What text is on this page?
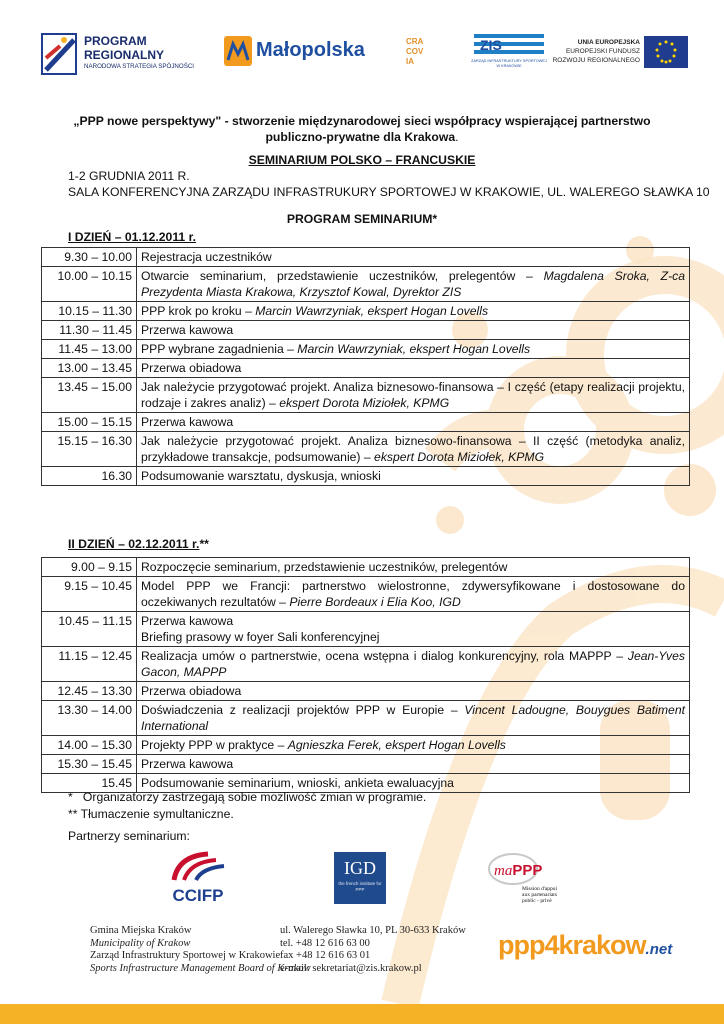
PROGRAM
REGIONALNY
NARODOWA STRATEGIA SPÓJNOŚCI
Małopolska	CRA
COV
IA
ZIS
ZARZĄD INFRASTRUKTURY SPORTOWEJ W KRAKOWIE
UNIA EUROPEJSKA
EUROPEJSKI FUNDUSZ
ROZWOJU REGIONALNEGO
„PPP nowe perspektywy" - stworzenie międzynarodowej sieci współpracy wspierającej partnerstwo
publiczno-prywatne dla Krakowa.
SEMINARIUM POLSKO – FRANCUSKIE
1-2 GRUDNIA 2011 R.
SALA KONFERENCYJNA ZARZĄDU INFRASTRUKURY SPORTOWEJ W KRAKOWIE, UL. WALEREGO SŁAWKA 10
PROGRAM SEMINARIUM*
I DZIEŃ – 01.12.2011 r.
9.30 – 10.00	Rejestracja uczestników
10.00 – 10.15	Otwarcie seminarium, przedstawienie uczestników, prelegentów – Magdalena Sroka, Z-ca Prezydenta Miasta Krakowa, Krzysztof Kowal, Dyrektor ZIS
10.15 – 11.30	PPP krok po kroku – Marcin Wawrzyniak, ekspert Hogan Lovells
11.30 – 11.45	Przerwa kawowa
11.45 – 13.00	PPP wybrane zagadnienia – Marcin Wawrzyniak, ekspert Hogan Lovells
13.00 – 13.45	Przerwa obiadowa
13.45 – 15.00	Jak należycie przygotować projekt. Analiza biznesowo-finansowa – I część (etapy realizacji projektu, rodzaje i zakres analiz) – ekspert Dorota Miziołek, KPMG
15.00 – 15.15	Przerwa kawowa
15.15 – 16.30	Jak należycie przygotować projekt. Analiza biznesowo-finansowa – II część (metodyka analiz, przykładowe transakcje, podsumowanie) – ekspert Dorota Miziołek, KPMG
16.30	Podsumowanie warsztatu, dyskusja, wnioski
II DZIEŃ – 02.12.2011 r.**
9.00 – 9.15	Rozpoczęcie seminarium, przedstawienie uczestników, prelegentów
9.15 – 10.45	Model PPP we Francji: partnerstwo wielostronne, zdywersyfikowane i dostosowane do oczekiwanych rezultatów – Pierre Bordeaux i Elia Koo, IGD
10.45 – 11.15	Przerwa kawowa
Briefing prasowy w foyer Sali konferencyjnej

11.15 – 12.45	Realizacja umów o partnerstwie, ocena wstępna i dialog konkurencyjny, rola MAPPP – Jean-Yves Gacon, MAPPP
12.45 – 13.30	Przerwa obiadowa
13.30 – 14.00	Doświadczenia z realizacji projektów PPP w Europie – Vincent Ladougne, Bouygues Batiment International
14.00 – 15.30	Projekty PPP w praktyce – Agnieszka Ferek, ekspert Hogan Lovells
15.30 – 15.45	Przerwa kawowa
15.45	Podsumowanie seminarium, wnioski, ankieta ewaluacyjna
*   Organizatorzy zastrzegają sobie możliwość zmian w programie.
** Tłumaczenie symultaniczne.
Partnerzy seminarium:
CCIFP
IGD
the french institute for PPP
maPPP
Mission d'appui
aux partenariats
public - privé
Gmina Miejska Kraków
Municipality of Krakow
Zarząd Infrastruktury Sportowej w Krakowie
Sports Infrastructure Management Board of Krakow
ul. Walerego Sławka 10, PL 30-633 Kraków
tel. +48 12 616 63 00
fax +48 12 616 63 01
e-mail: sekretariat@zis.krakow.pl
ppp4krakow.net
